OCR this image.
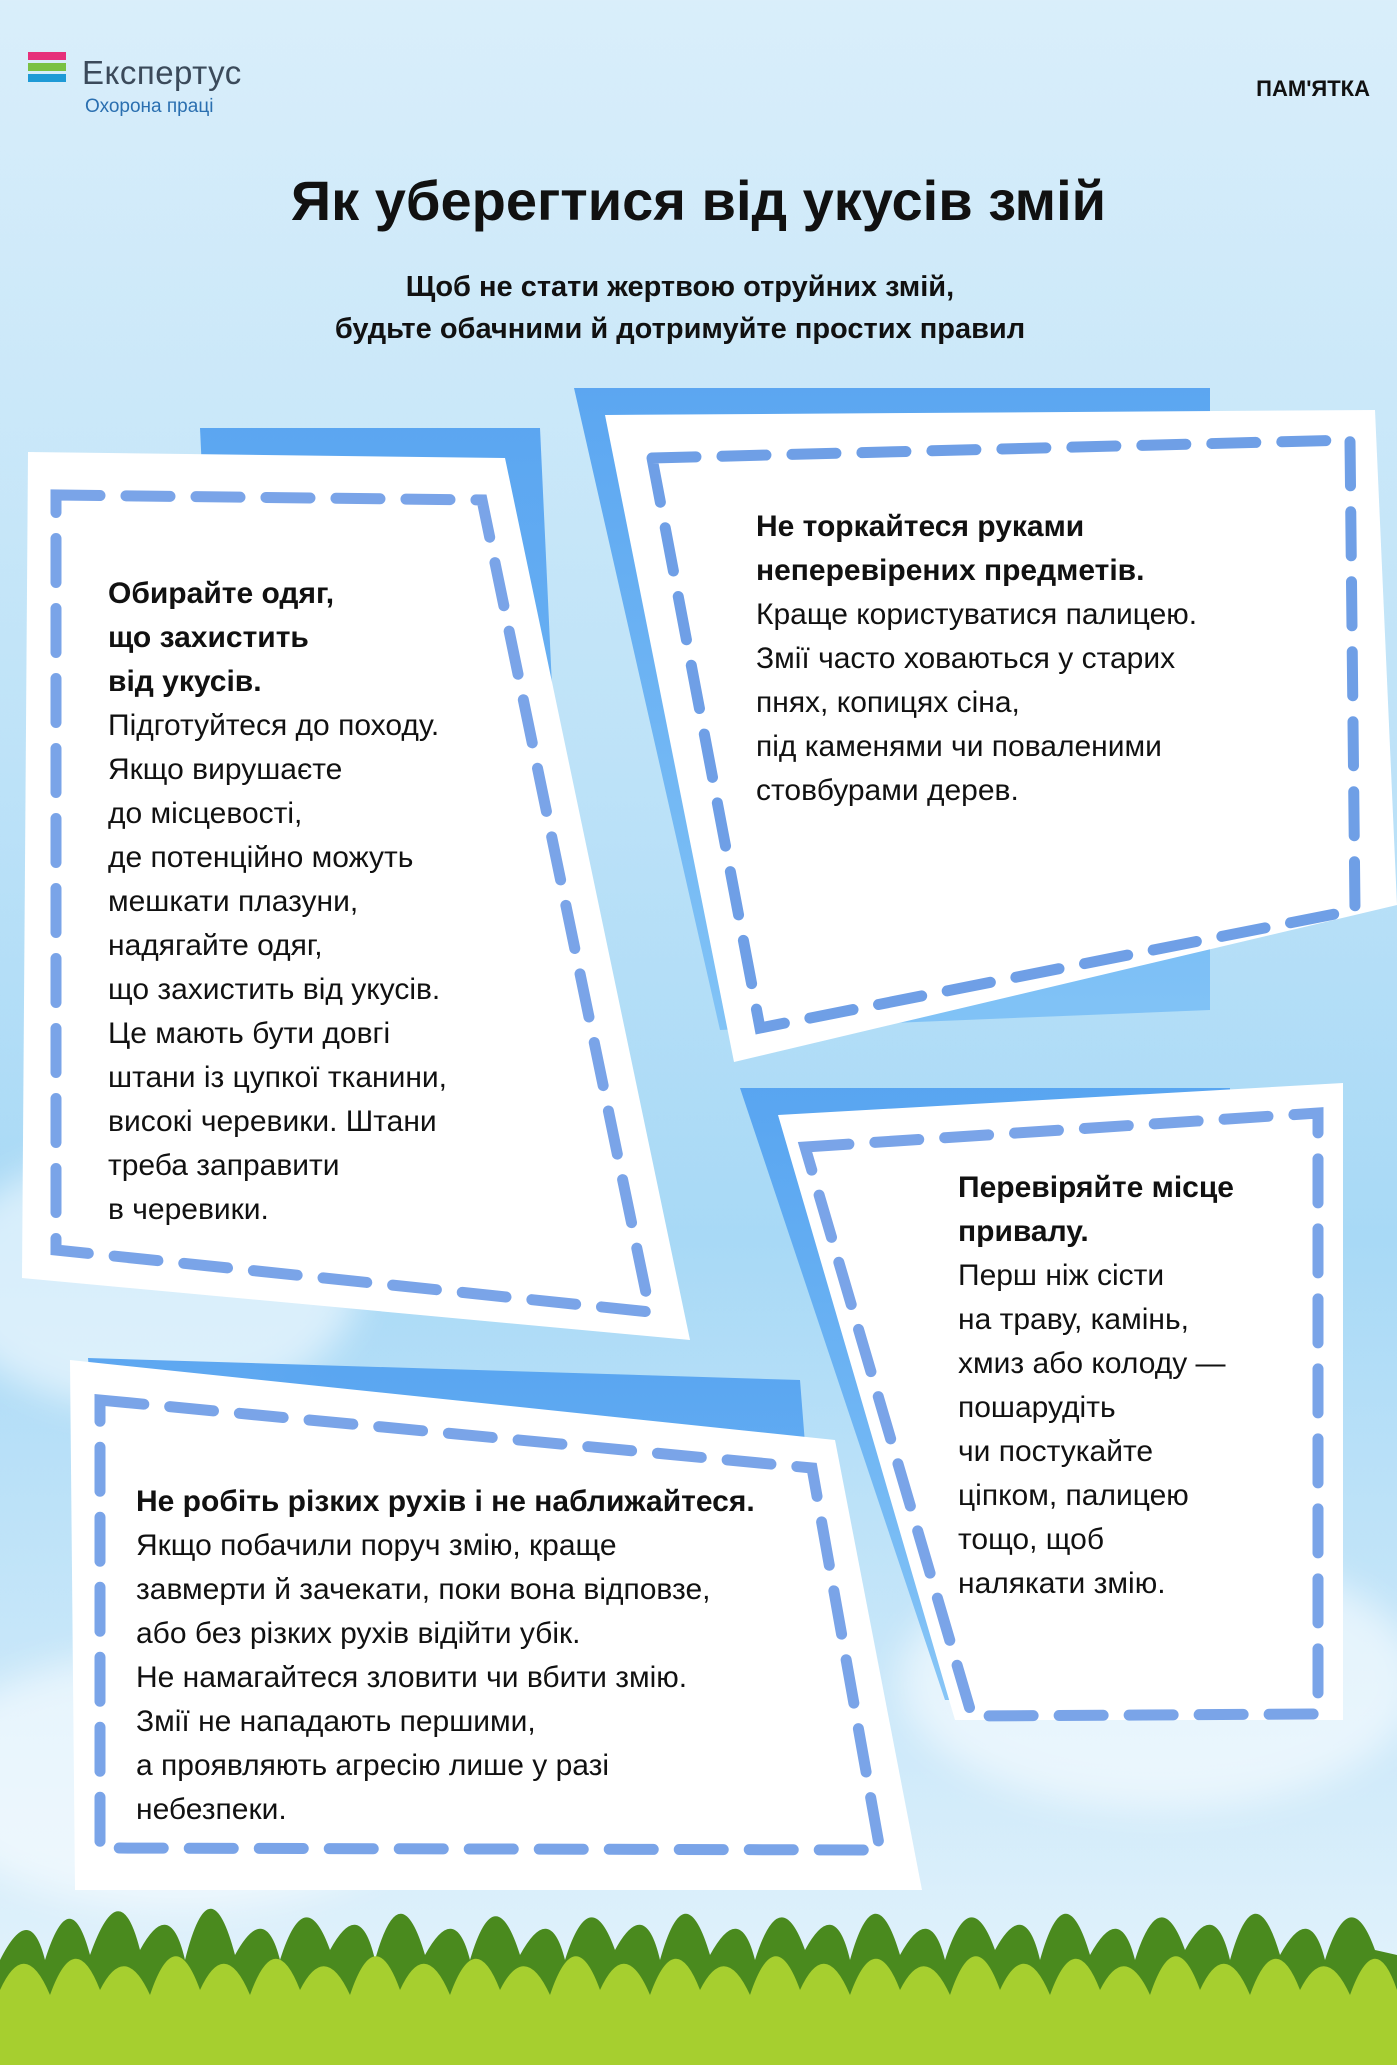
Експертус
Охорона праці
ПАМ'ЯТКА
Як уберегтися від укусів змій
Щоб не стати жертвою отруйних змій,
будьте обачними й дотримуйте простих правил
Обирайте одяг,
що захистить
від укусів.
Підготуйтеся до походу.
Якщо вирушаєте
до місцевості,
де потенційно можуть
мешкати плазуни,
надягайте одяг,
що захистить від укусів.
Це мають бути довгі
штани із цупкої тканини,
високі черевики. Штани
треба заправити
в черевики.
Не торкайтеся руками
неперевірених предметів.
Краще користуватися палицею.
Змії часто ховаються у старих
пнях, копицях сіна,
під каменями чи поваленими
стовбурами дерев.
Перевіряйте місце
привалу.
Перш ніж сісти
на траву, камінь,
хмиз або колоду —
пошарудіть
чи постукайте
ціпком, палицею
тощо, щоб
налякати змію.
Не робіть різких рухів і не наближайтеся.
Якщо побачили поруч змію, краще
завмерти й зачекати, поки вона відповзе,
або без різких рухів відійти убік.
Не намагайтеся зловити чи вбити змію.
Змії не нападають першими,
а проявляють агресію лише у разі
небезпеки.
